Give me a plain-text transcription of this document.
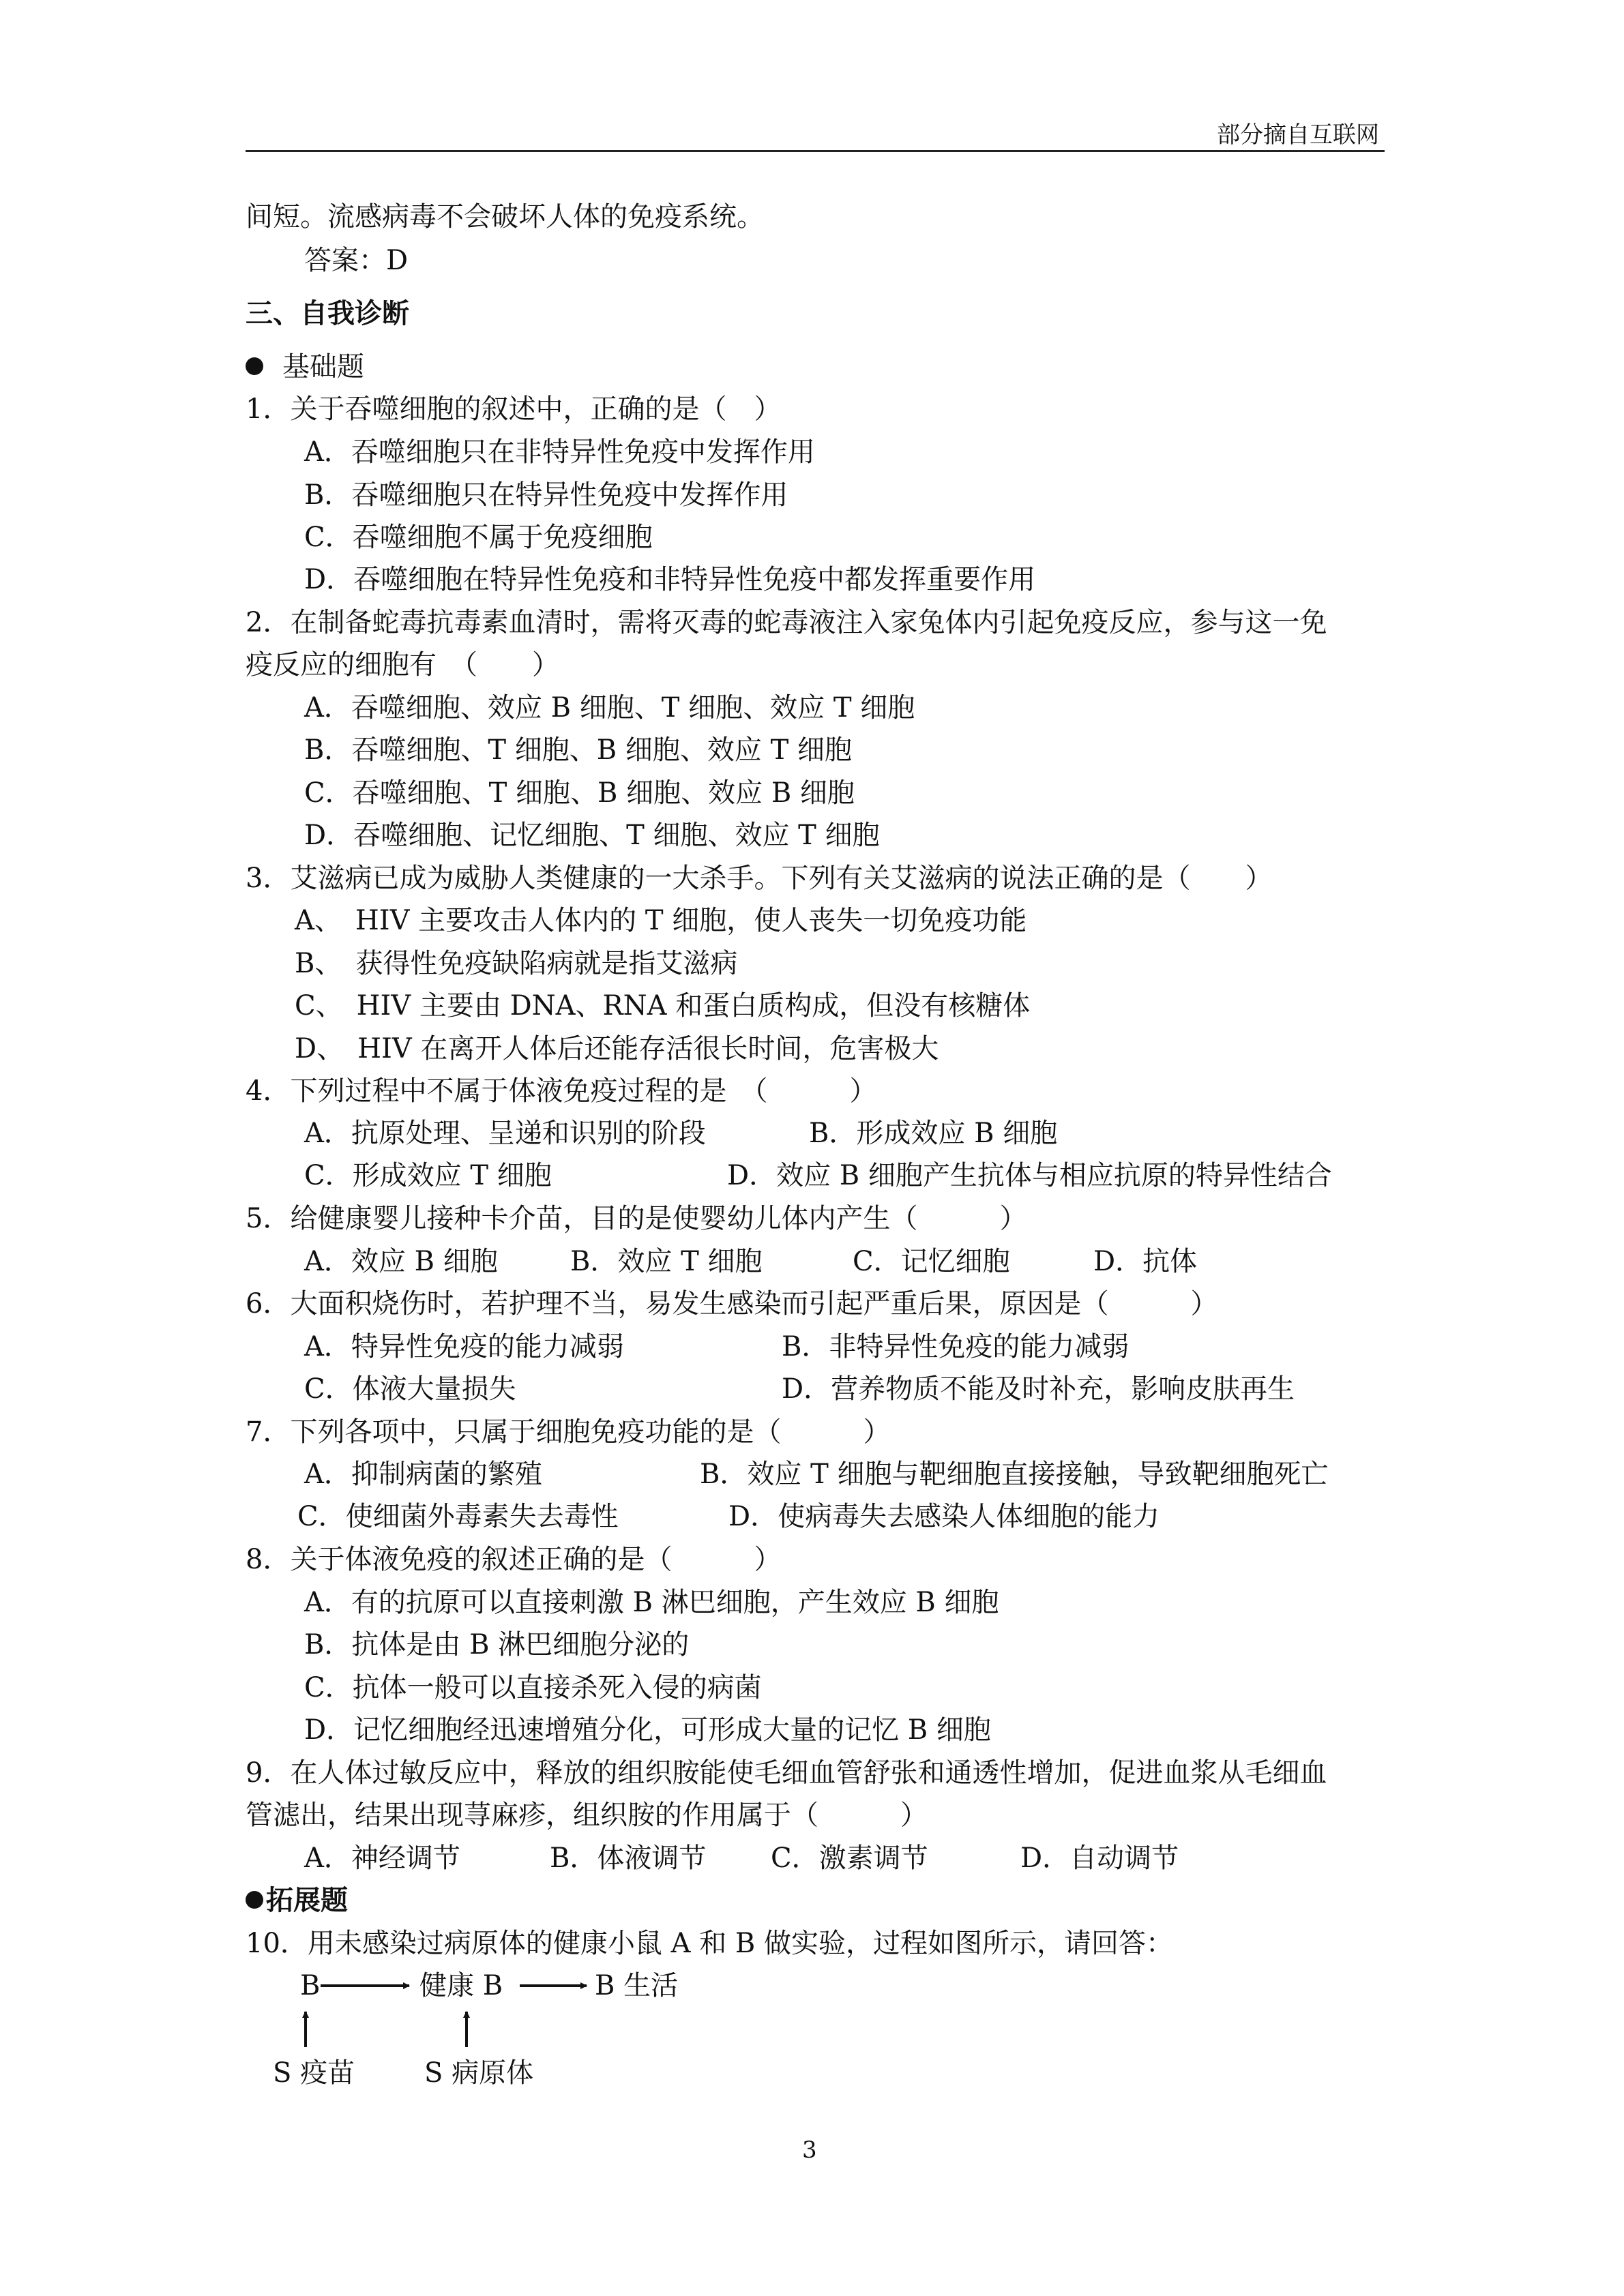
部分摘自互联网
间短。流感病毒不会破坏人体的免疫系统。
答案：D
三、自我诊断
基础题
1．关于吞噬细胞的叙述中，正确的是（　）
A．吞噬细胞只在非特异性免疫中发挥作用
B．吞噬细胞只在特异性免疫中发挥作用
C．吞噬细胞不属于免疫细胞
D．吞噬细胞在特异性免疫和非特异性免疫中都发挥重要作用
2．在制备蛇毒抗毒素血清时，需将灭毒的蛇毒液注入家兔体内引起免疫反应，参与这一免
疫反应的细胞有　（　　）
A．吞噬细胞、效应 B 细胞、T 细胞、效应 T 细胞
B．吞噬细胞、T 细胞、B 细胞、效应 T 细胞
C．吞噬细胞、T 细胞、B 细胞、效应 B 细胞
D．吞噬细胞、记忆细胞、T 细胞、效应 T 细胞
3．艾滋病已成为威胁人类健康的一大杀手。下列有关艾滋病的说法正确的是（　　）
A、　HIV 主要攻击人体内的 T 细胞，使人丧失一切免疫功能
B、　获得性免疫缺陷病就是指艾滋病
C、　HIV 主要由 DNA、RNA 和蛋白质构成，但没有核糖体
D、　HIV 在离开人体后还能存活很长时间，危害极大
4．下列过程中不属于体液免疫过程的是　（　　　）
A．抗原处理、呈递和识别的阶段	B．形成效应 B 细胞
C．形成效应 T 细胞	D．效应 B 细胞产生抗体与相应抗原的特异性结合
5．给健康婴儿接种卡介苗，目的是使婴幼儿体内产生（　　　）
A．效应 B 细胞	B．效应 T 细胞	C．记忆细胞	D．抗体
6．大面积烧伤时，若护理不当，易发生感染而引起严重后果，原因是（　　　）
A．特异性免疫的能力减弱	B．非特异性免疫的能力减弱
C．体液大量损失	D．营养物质不能及时补充，影响皮肤再生
7．下列各项中，只属于细胞免疫功能的是（　　　）
A．抑制病菌的繁殖	B．效应 T 细胞与靶细胞直接接触，导致靶细胞死亡
C．使细菌外毒素失去毒性	D．使病毒失去感染人体细胞的能力
8．关于体液免疫的叙述正确的是（　　　）
A．有的抗原可以直接刺激 B 淋巴细胞，产生效应 B 细胞
B．抗体是由 B 淋巴细胞分泌的
C．抗体一般可以直接杀死入侵的病菌
D．记忆细胞经迅速增殖分化，可形成大量的记忆 B 细胞
9．在人体过敏反应中，释放的组织胺能使毛细血管舒张和通透性增加，促进血浆从毛细血
管滤出，结果出现荨麻疹，组织胺的作用属于（　　　）
A．神经调节	B．体液调节 C．激素调节	D．自动调节
拓展题
10．用未感染过病原体的健康小鼠 A 和 B 做实验，过程如图所示，请回答：
B	健康 B	B 生活
S 疫苗	S 病原体
3
